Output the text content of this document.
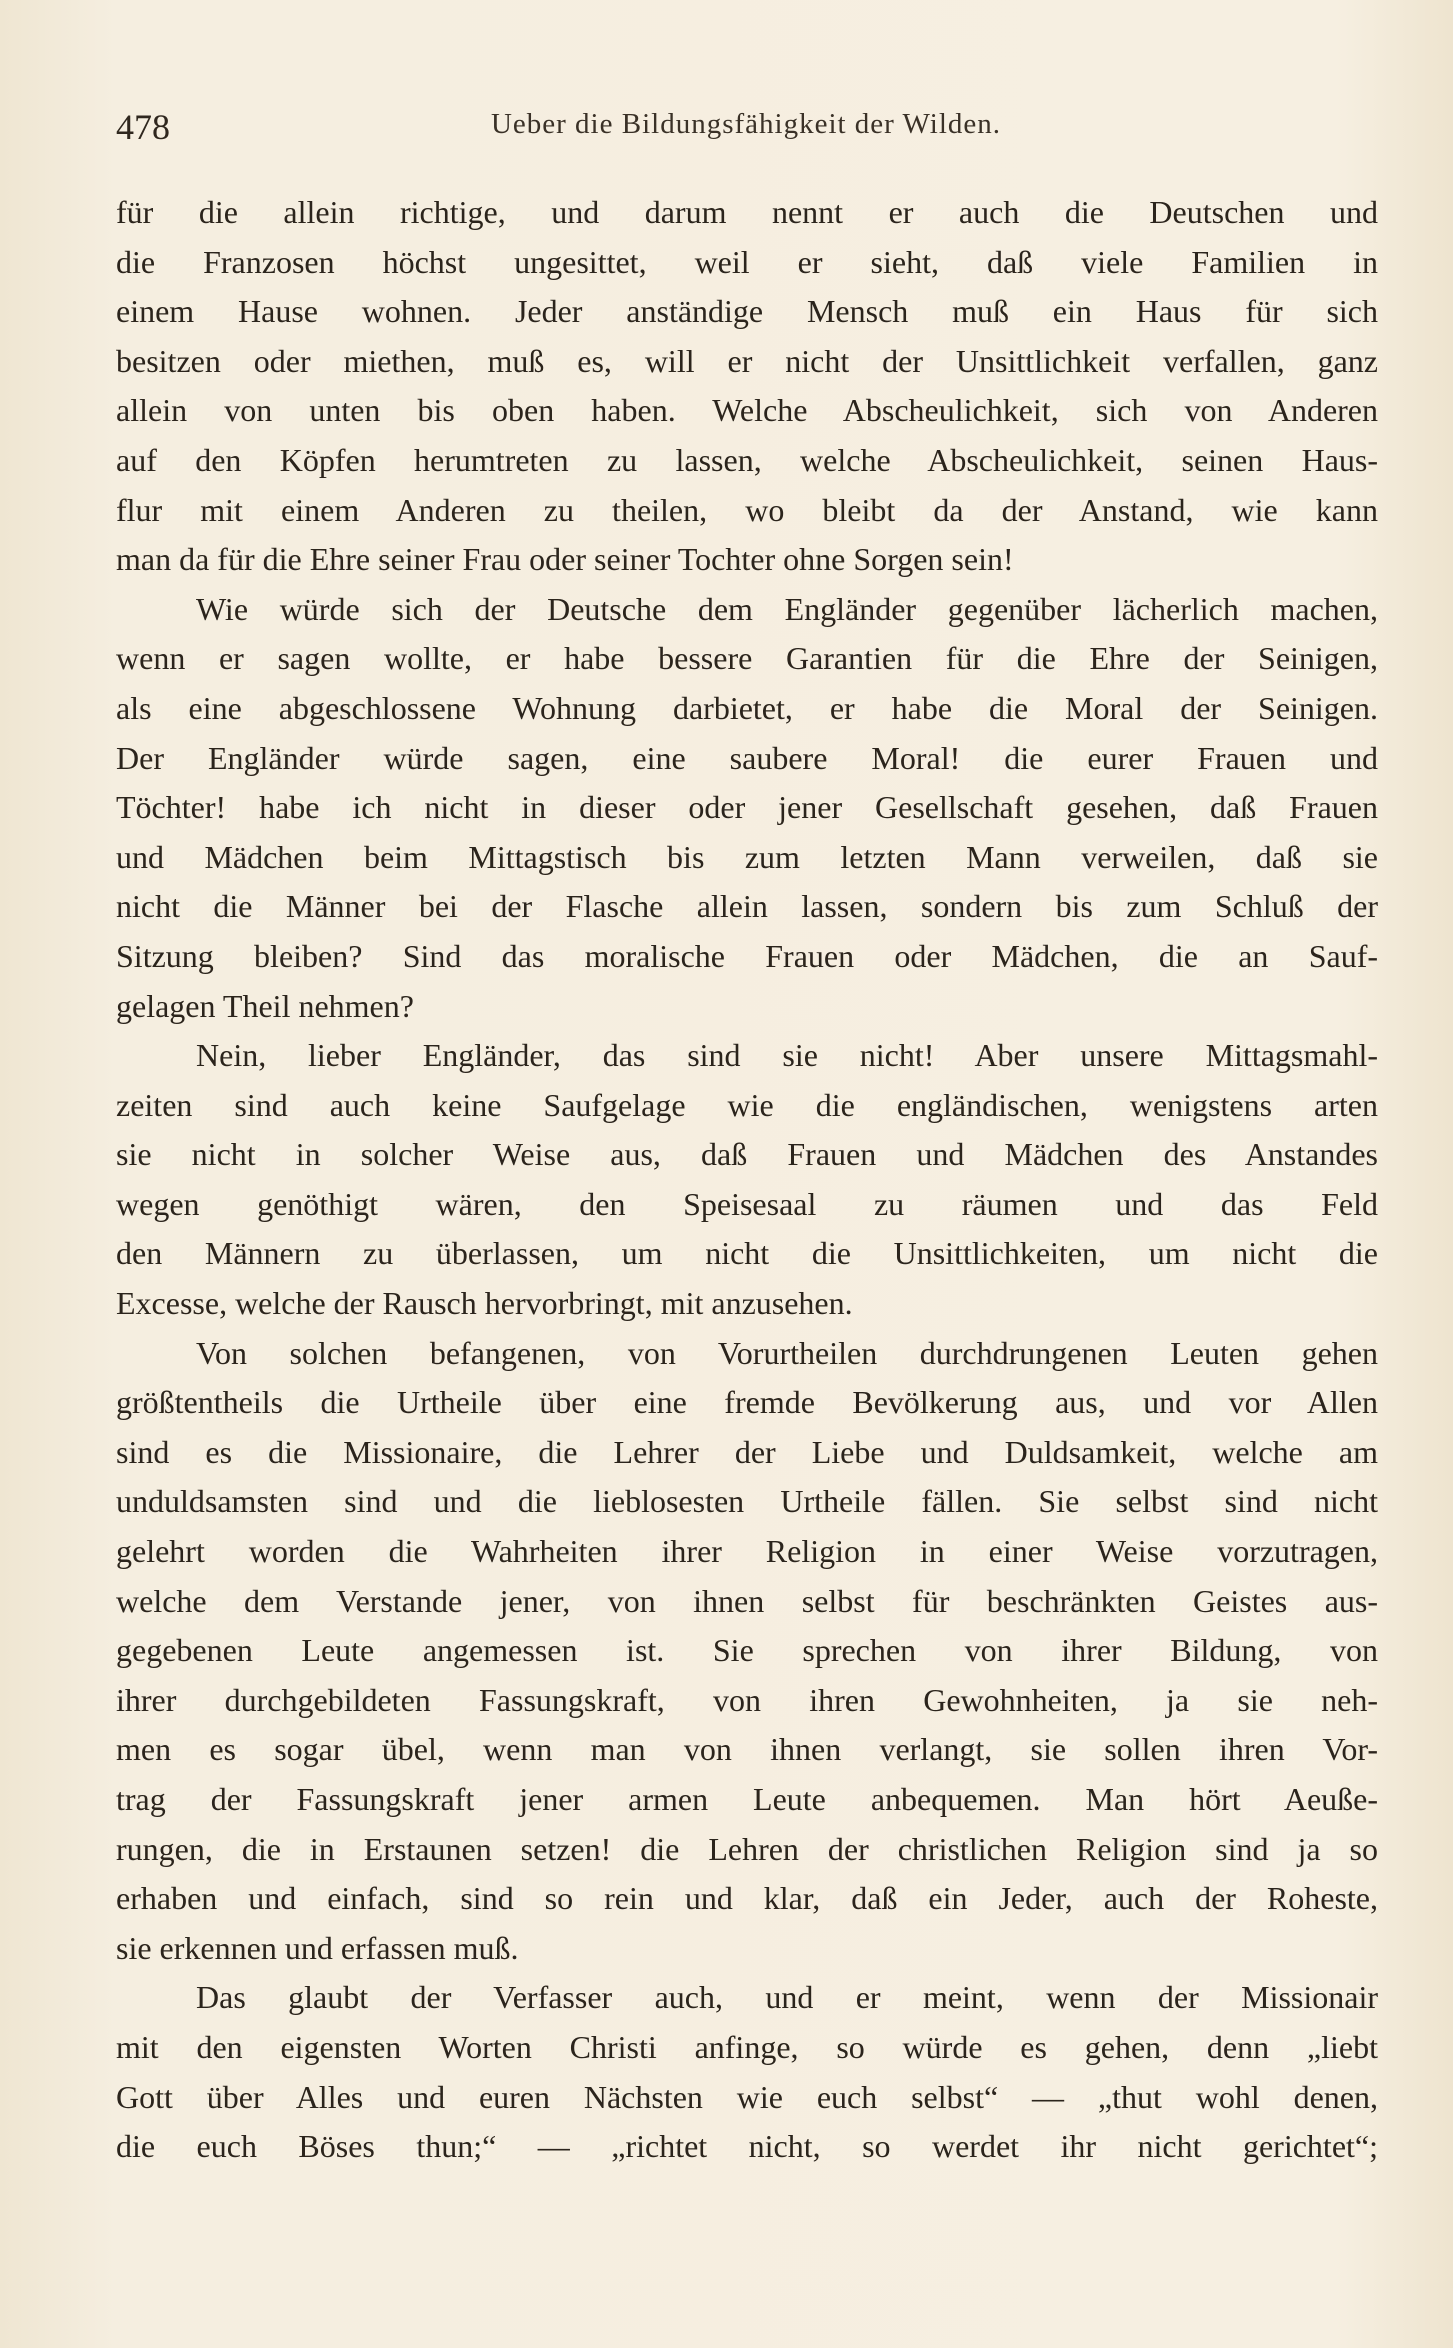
478	Ueber die Bildungsfähigkeit der Wilden.
für die allein richtige, und darum nennt er auch die Deutschen und
die Franzosen höchst ungesittet, weil er sieht, daß viele Familien in
einem Hause wohnen. Jeder anständige Mensch muß ein Haus für sich
besitzen oder miethen, muß es, will er nicht der Unsittlichkeit verfallen, ganz
allein von unten bis oben haben. Welche Abscheulichkeit, sich von Anderen
auf den Köpfen herumtreten zu lassen, welche Abscheulichkeit, seinen Haus-
flur mit einem Anderen zu theilen, wo bleibt da der Anstand, wie kann
man da für die Ehre seiner Frau oder seiner Tochter ohne Sorgen sein!
Wie würde sich der Deutsche dem Engländer gegenüber lächerlich machen,
wenn er sagen wollte, er habe bessere Garantien für die Ehre der Seinigen,
als eine abgeschlossene Wohnung darbietet, er habe die Moral der Seinigen.
Der Engländer würde sagen, eine saubere Moral! die eurer Frauen und
Töchter! habe ich nicht in dieser oder jener Gesellschaft gesehen, daß Frauen
und Mädchen beim Mittagstisch bis zum letzten Mann verweilen, daß sie
nicht die Männer bei der Flasche allein lassen, sondern bis zum Schluß der
Sitzung bleiben? Sind das moralische Frauen oder Mädchen, die an Sauf-
gelagen Theil nehmen?
Nein, lieber Engländer, das sind sie nicht! Aber unsere Mittagsmahl-
zeiten sind auch keine Saufgelage wie die engländischen, wenigstens arten
sie nicht in solcher Weise aus, daß Frauen und Mädchen des Anstandes
wegen genöthigt wären, den Speisesaal zu räumen und das Feld
den Männern zu überlassen, um nicht die Unsittlichkeiten, um nicht die
Excesse, welche der Rausch hervorbringt, mit anzusehen.
Von solchen befangenen, von Vorurtheilen durchdrungenen Leuten gehen
größtentheils die Urtheile über eine fremde Bevölkerung aus, und vor Allen
sind es die Missionaire, die Lehrer der Liebe und Duldsamkeit, welche am
unduldsamsten sind und die lieblosesten Urtheile fällen. Sie selbst sind nicht
gelehrt worden die Wahrheiten ihrer Religion in einer Weise vorzutragen,
welche dem Verstande jener, von ihnen selbst für beschränkten Geistes aus-
gegebenen Leute angemessen ist. Sie sprechen von ihrer Bildung, von
ihrer durchgebildeten Fassungskraft, von ihren Gewohnheiten, ja sie neh-
men es sogar übel, wenn man von ihnen verlangt, sie sollen ihren Vor-
trag der Fassungskraft jener armen Leute anbequemen. Man hört Aeuße-
rungen, die in Erstaunen setzen! die Lehren der christlichen Religion sind ja so
erhaben und einfach, sind so rein und klar, daß ein Jeder, auch der Roheste,
sie erkennen und erfassen muß.
Das glaubt der Verfasser auch, und er meint, wenn der Missionair
mit den eigensten Worten Christi anfinge, so würde es gehen, denn „liebt
Gott über Alles und euren Nächsten wie euch selbst“ — „thut wohl denen,
die euch Böses thun;“ — „richtet nicht, so werdet ihr nicht gerichtet“;
